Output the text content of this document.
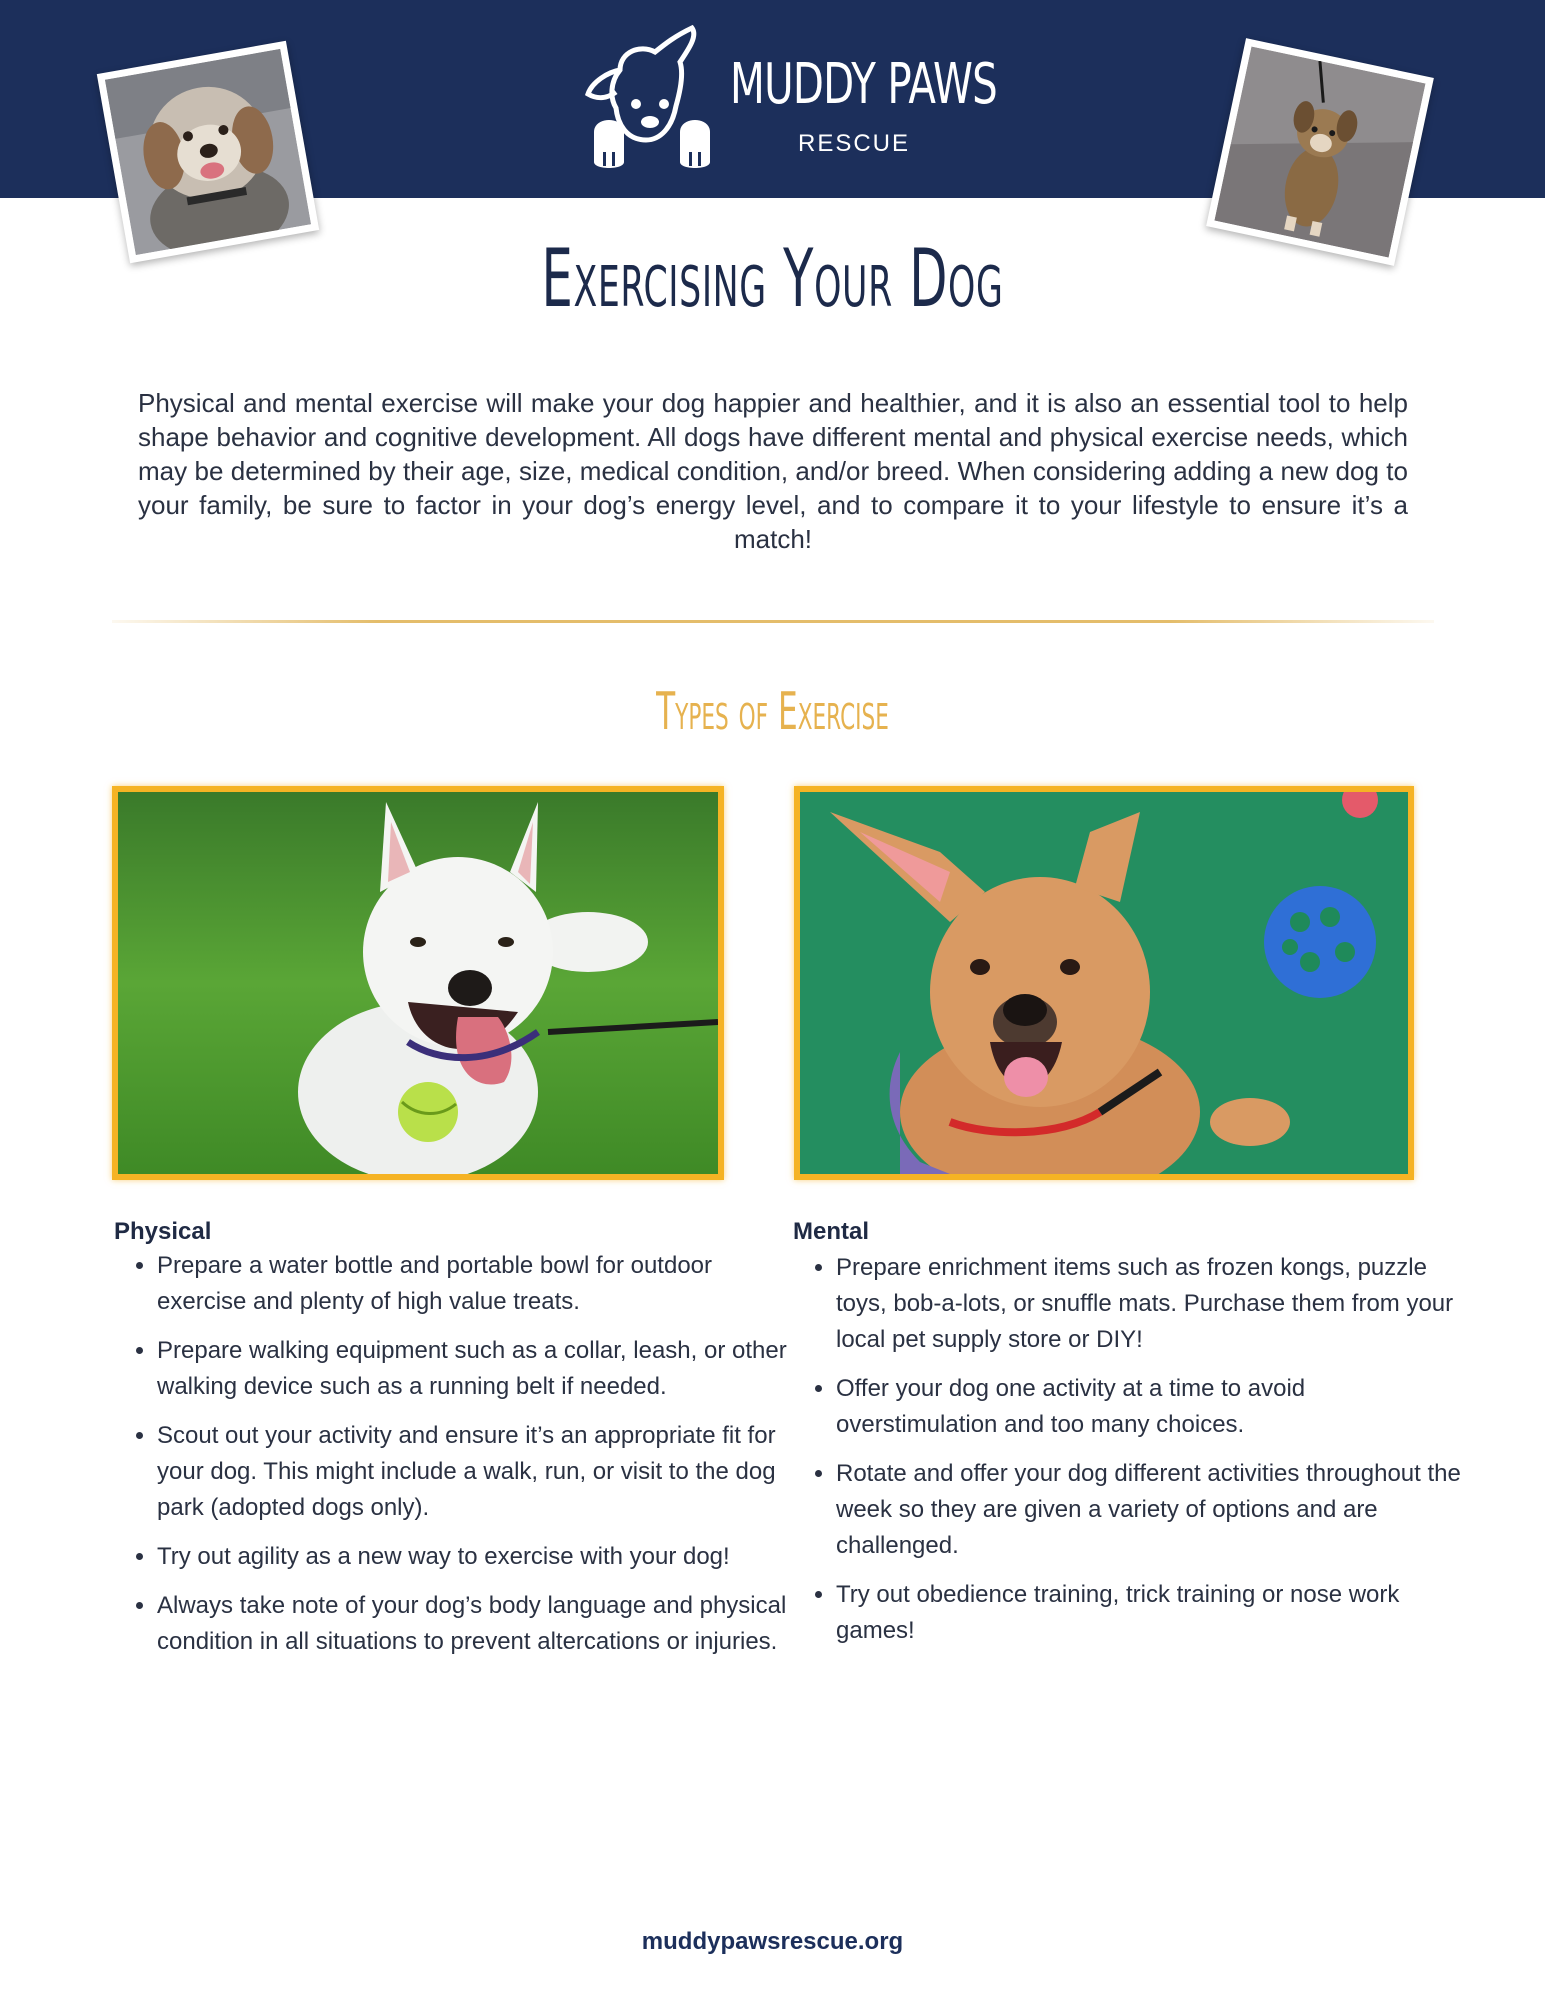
MUDDY PAWS
RESCUE
Exercising Your Dog

Physical and mental exercise will make your dog happier and healthier, and it is also an essential tool to help shape behavior and cognitive development. All dogs have different mental and physical exercise needs, which may be determined by their age, size, medical condition, and/or breed. When considering adding a new dog to your family, be sure to factor in your dog’s energy level, and to compare it to your lifestyle to ensure it’s a match!

Types of Exercise
Physical
• Prepare a water bottle and portable bowl for outdoor exercise and plenty of high value treats.
• Prepare walking equipment such as a collar, leash, or other walking device such as a running belt if needed.
• Scout out your activity and ensure it’s an appropriate fit for your dog. This might include a walk, run, or visit to the dog park (adopted dogs only).
• Try out agility as a new way to exercise with your dog!
• Always take note of your dog’s body language and physical condition in all situations to prevent altercations or injuries.
Mental
• Prepare enrichment items such as frozen kongs, puzzle toys, bob-a-lots, or snuffle mats. Purchase them from your local pet supply store or DIY!
• Offer your dog one activity at a time to avoid overstimulation and too many choices.
• Rotate and offer your dog different activities throughout the week so they are given a variety of options and are challenged.
• Try out obedience training, trick training or nose work games!
muddypawsrescue.org
